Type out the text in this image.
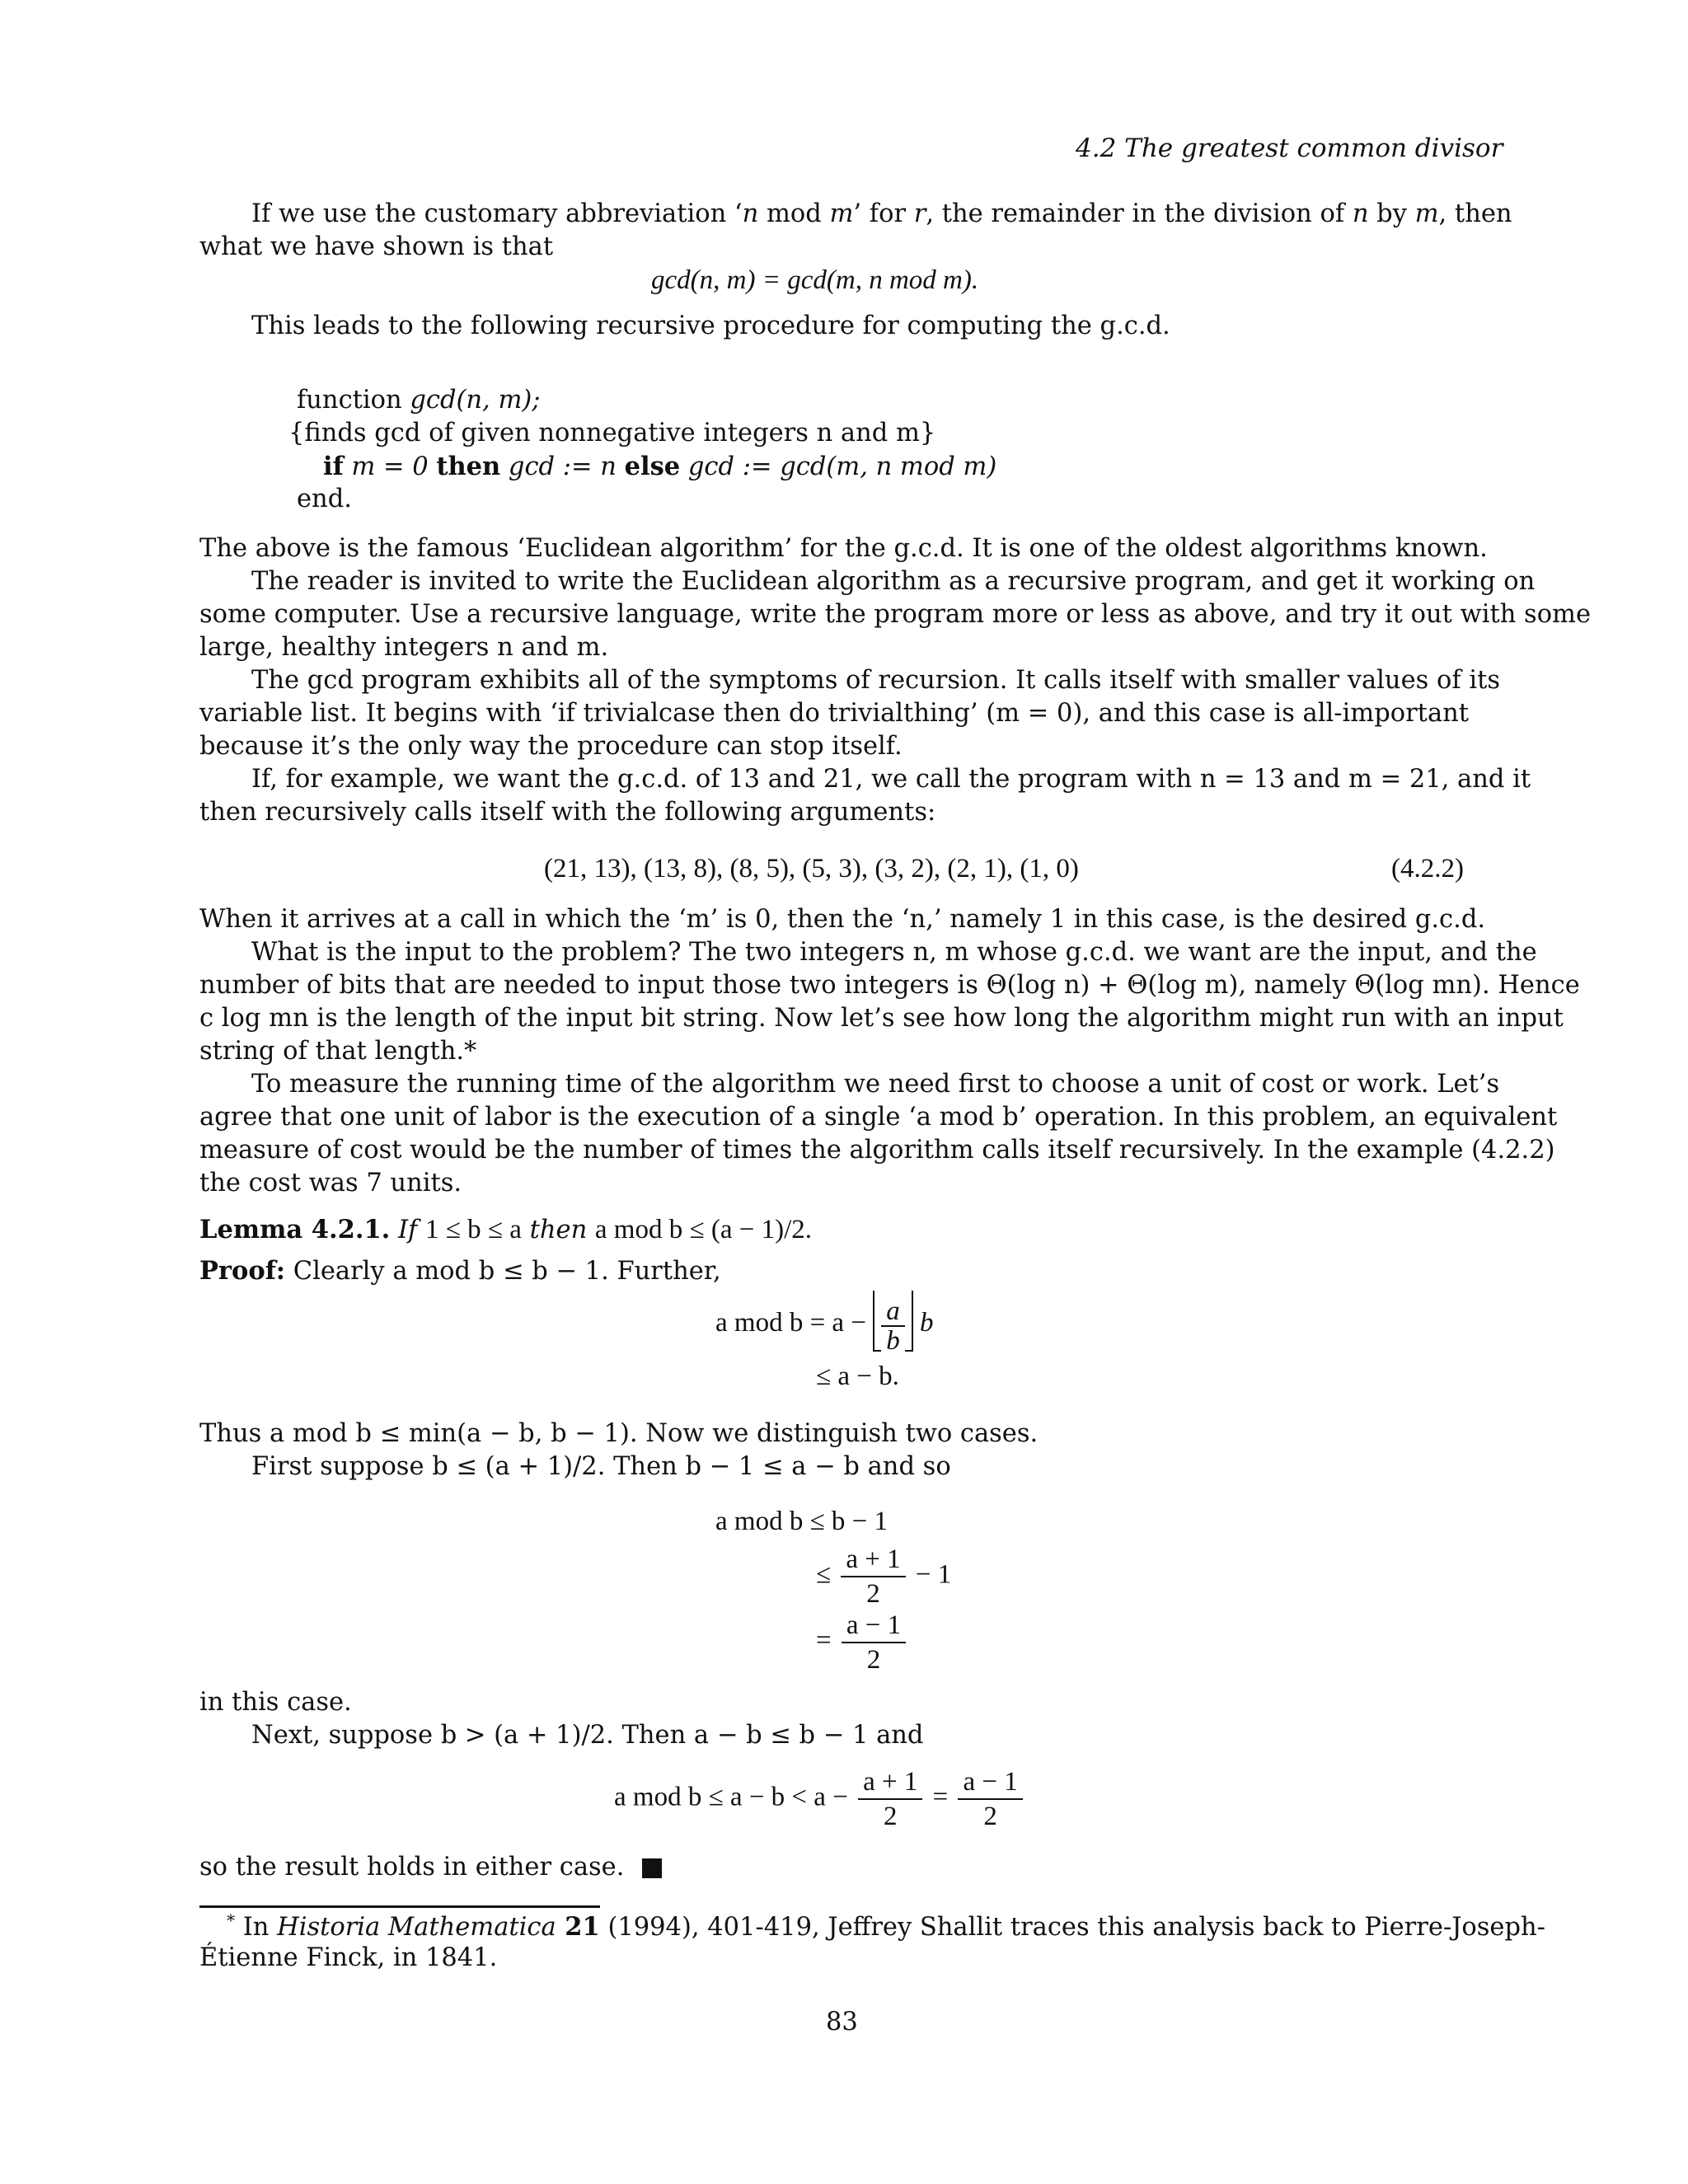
4.2 The greatest common divisor
If we use the customary abbreviation ‘n mod m’ for r, the remainder in the division of n by m, then
what we have shown is that
gcd(n, m) = gcd(m, n mod m).
This leads to the following recursive procedure for computing the g.c.d.
function gcd(n, m);
{finds gcd of given nonnegative integers n and m}
if m = 0 then gcd := n else gcd := gcd(m, n mod m)
end.
The above is the famous ‘Euclidean algorithm’ for the g.c.d. It is one of the oldest algorithms known.
The reader is invited to write the Euclidean algorithm as a recursive program, and get it working on
some computer. Use a recursive language, write the program more or less as above, and try it out with some
large, healthy integers n and m.
The gcd program exhibits all of the symptoms of recursion. It calls itself with smaller values of its
variable list. It begins with ‘if trivialcase then do trivialthing’ (m = 0), and this case is all-important
because it’s the only way the procedure can stop itself.
If, for example, we want the g.c.d. of 13 and 21, we call the program with n = 13 and m = 21, and it
then recursively calls itself with the following arguments:
(21, 13), (13, 8), (8, 5), (5, 3), (3, 2), (2, 1), (1, 0)	(4.2.2)
When it arrives at a call in which the ‘m’ is 0, then the ‘n,’ namely 1 in this case, is the desired g.c.d.
What is the input to the problem? The two integers n, m whose g.c.d. we want are the input, and the
number of bits that are needed to input those two integers is Θ(log n) + Θ(log m), namely Θ(log mn). Hence
c log mn is the length of the input bit string. Now let’s see how long the algorithm might run with an input
string of that length.*
To measure the running time of the algorithm we need first to choose a unit of cost or work. Let’s
agree that one unit of labor is the execution of a single ‘a mod b’ operation. In this problem, an equivalent
measure of cost would be the number of times the algorithm calls itself recursively. In the example (4.2.2)
the cost was 7 units.
Lemma 4.2.1. If 1 ≤ b ≤ a then a mod b ≤ (a − 1)/2.
Proof: Clearly a mod b ≤ b − 1. Further,
a mod $b = a - \frac{a}{b}$ b
≤ a − b.
Thus a mod b ≤ min(a − b, b − 1). Now we distinguish two cases.
First suppose b ≤ (a + 1)/2. Then b − 1 ≤ a − b and so
a mod b ≤ b − 1
≤ $\frac{a + 1}{2} - 1$
= $\frac{a - 1}{2}$
in this case.
Next, suppose b > (a + 1)/2. Then a − b ≤ b − 1 and
a mod $b \le a - b < a - \frac{a + 1}{2} = \frac{a - 1}{2}$
so the result holds in either case.
* In Historia Mathematica 21 (1994), 401-419, Jeffrey Shallit traces this analysis back to Pierre-Joseph-
Étienne Finck, in 1841.
83
